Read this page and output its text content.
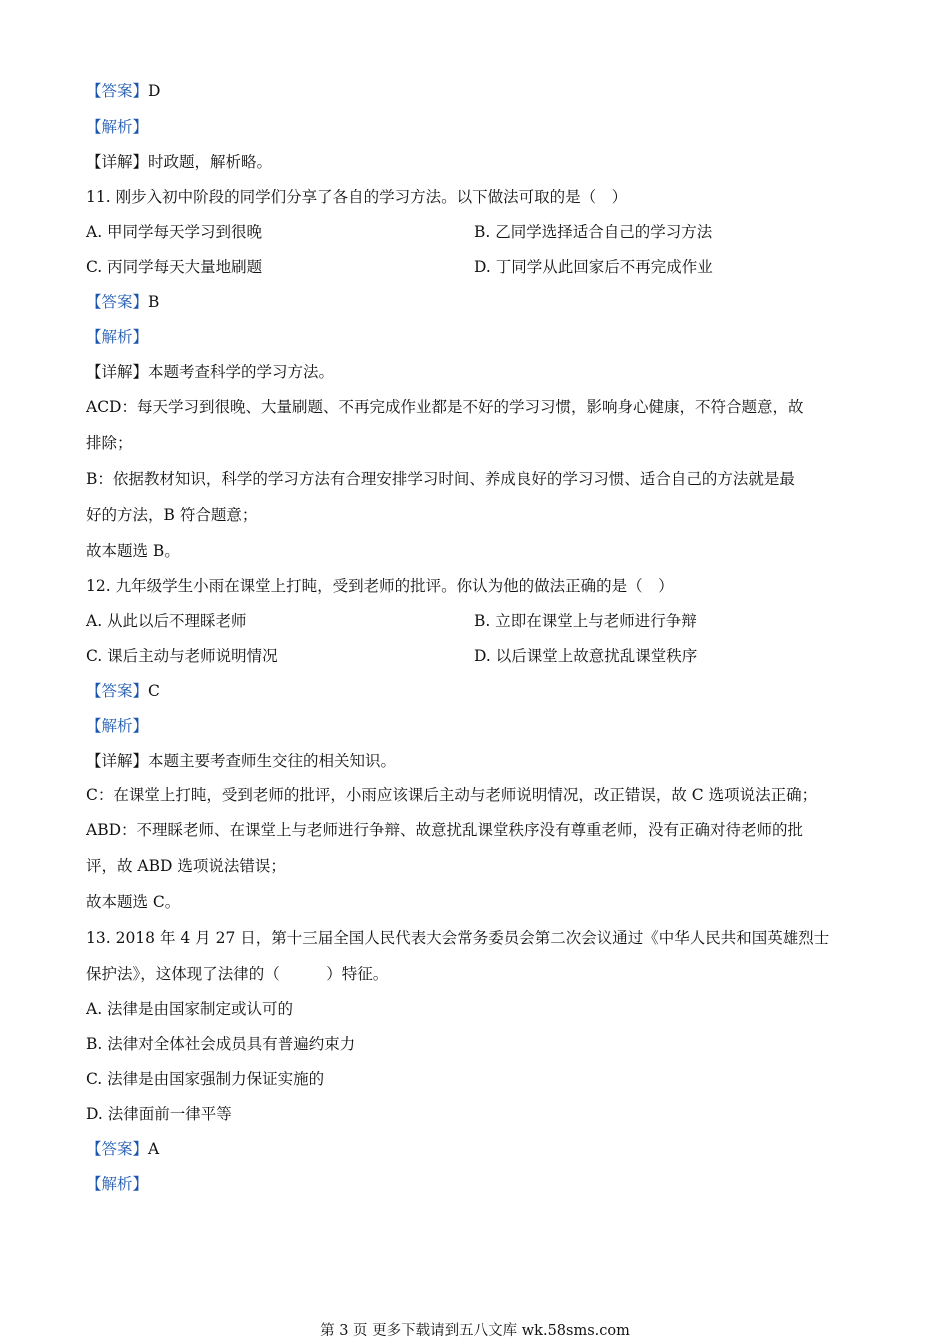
【答案】D
【解析】
【详解】时政题，解析略。
11. 刚步入初中阶段的同学们分享了各自的学习方法。以下做法可取的是（　）
A. 甲同学每天学习到很晚	B. 乙同学选择适合自己的学习方法
C. 丙同学每天大量地刷题	D. 丁同学从此回家后不再完成作业
【答案】B
【解析】
【详解】本题考查科学的学习方法。
ACD：每天学习到很晚、大量刷题、不再完成作业都是不好的学习习惯，影响身心健康，不符合题意，故
排除；
B：依据教材知识，科学的学习方法有合理安排学习时间、养成良好的学习习惯、适合自己的方法就是最
好的方法，B 符合题意；
故本题选 B。
12. 九年级学生小雨在课堂上打盹，受到老师的批评。你认为他的做法正确的是（　）
A. 从此以后不理睬老师	B. 立即在课堂上与老师进行争辩
C. 课后主动与老师说明情况	D. 以后课堂上故意扰乱课堂秩序
【答案】C
【解析】
【详解】本题主要考查师生交往的相关知识。
C：在课堂上打盹，受到老师的批评，小雨应该课后主动与老师说明情况，改正错误，故 C 选项说法正确；
ABD：不理睬老师、在课堂上与老师进行争辩、故意扰乱课堂秩序没有尊重老师，没有正确对待老师的批
评，故 ABD 选项说法错误；
故本题选 C。
13. 2018 年 4 月 27 日，第十三届全国人民代表大会常务委员会第二次会议通过《中华人民共和国英雄烈士
保护法》，这体现了法律的（　　　）特征。
A. 法律是由国家制定或认可的
B. 法律对全体社会成员具有普遍约束力
C. 法律是由国家强制力保证实施的
D. 法律面前一律平等
【答案】A
【解析】
第 3 页 更多下载请到五八文库 wk.58sms.com
